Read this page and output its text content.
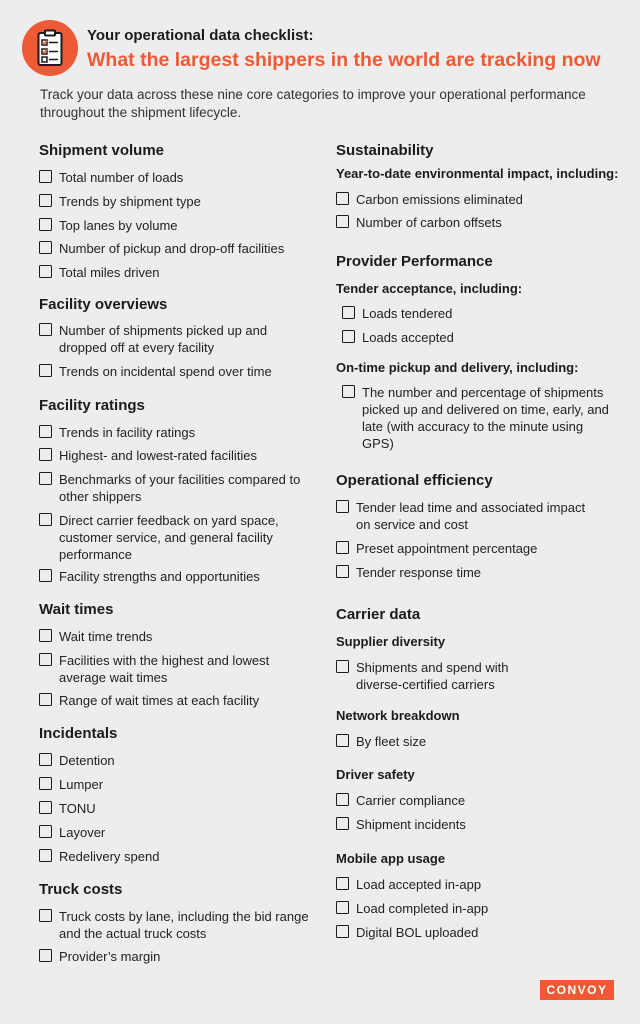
Your operational data checklist:
What the largest shippers in the world are tracking now
Track your data across these nine core categories to improve your operational performance throughout the shipment lifecycle.
Shipment volume
Total number of loads
Trends by shipment type
Top lanes by volume
Number of pickup and drop-off facilities
Total miles driven
Facility overviews
Number of shipments picked up and dropped off at every facility
Trends on incidental spend over time
Facility ratings
Trends in facility ratings
Highest- and lowest-rated facilities
Benchmarks of your facilities compared to other shippers
Direct carrier feedback on yard space, customer service, and general facility performance
Facility strengths and opportunities
Wait times
Wait time trends
Facilities with the highest and lowest average wait times
Range of wait times at each facility
Incidentals
Detention
Lumper
TONU
Layover
Redelivery spend
Truck costs
Truck costs by lane, including the bid range and the actual truck costs
Provider’s margin
Sustainability
Year-to-date environmental impact, including:
Carbon emissions eliminated
Number of carbon offsets
Provider Performance
Tender acceptance, including:
Loads tendered
Loads accepted
On-time pickup and delivery, including:
The number and percentage of shipments picked up and delivered on time, early, and late (with accuracy to the minute using GPS)
Operational efficiency
Tender lead time and associated impact on service and cost
Preset appointment percentage
Tender response time
Carrier data
Supplier diversity
Shipments and spend with diverse-certified carriers
Network breakdown
By fleet size
Driver safety
Carrier compliance
Shipment incidents
Mobile app usage
Load accepted in-app
Load completed in-app
Digital BOL uploaded
CONVOY
